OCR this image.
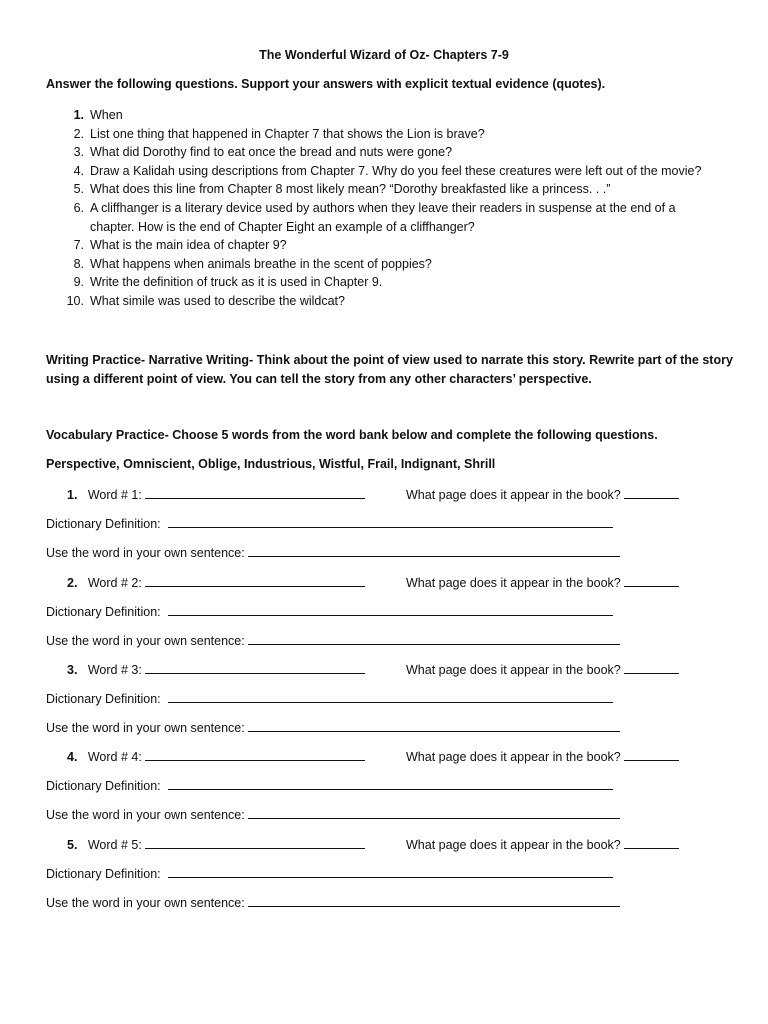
The Wonderful Wizard of Oz- Chapters 7-9
Answer the following questions. Support your answers with explicit textual evidence (quotes).
1. When
2. List one thing that happened in Chapter 7 that shows the Lion is brave?
3. What did Dorothy find to eat once the bread and nuts were gone?
4. Draw a Kalidah using descriptions from Chapter 7. Why do you feel these creatures were left out of the movie?
5. What does this line from Chapter 8 most likely mean? “Dorothy breakfasted like a princess. . .”
6. A cliffhanger is a literary device used by authors when they leave their readers in suspense at the end of a
chapter. How is the end of Chapter Eight an example of a cliffhanger?
7. What is the main idea of chapter 9?
8. What happens when animals breathe in the scent of poppies?
9. Write the definition of truck as it is used in Chapter 9.
10. What simile was used to describe the wildcat?
Writing Practice- Narrative Writing- Think about the point of view used to narrate this story. Rewrite part of the story
using a different point of view. You can tell the story from any other characters’ perspective.
Vocabulary Practice- Choose 5 words from the word bank below and complete the following questions.
Perspective, Omniscient, Oblige, Industrious, Wistful, Frail, Indignant, Shrill
1. Word # 1:	What page does it appear in the book?
Dictionary Definition:
Use the word in your own sentence:
2. Word # 2:	What page does it appear in the book?
Dictionary Definition:
Use the word in your own sentence:
3. Word # 3:	What page does it appear in the book?
Dictionary Definition:
Use the word in your own sentence:
4. Word # 4:	What page does it appear in the book?
Dictionary Definition:
Use the word in your own sentence:
5. Word # 5:	What page does it appear in the book?
Dictionary Definition:
Use the word in your own sentence:
